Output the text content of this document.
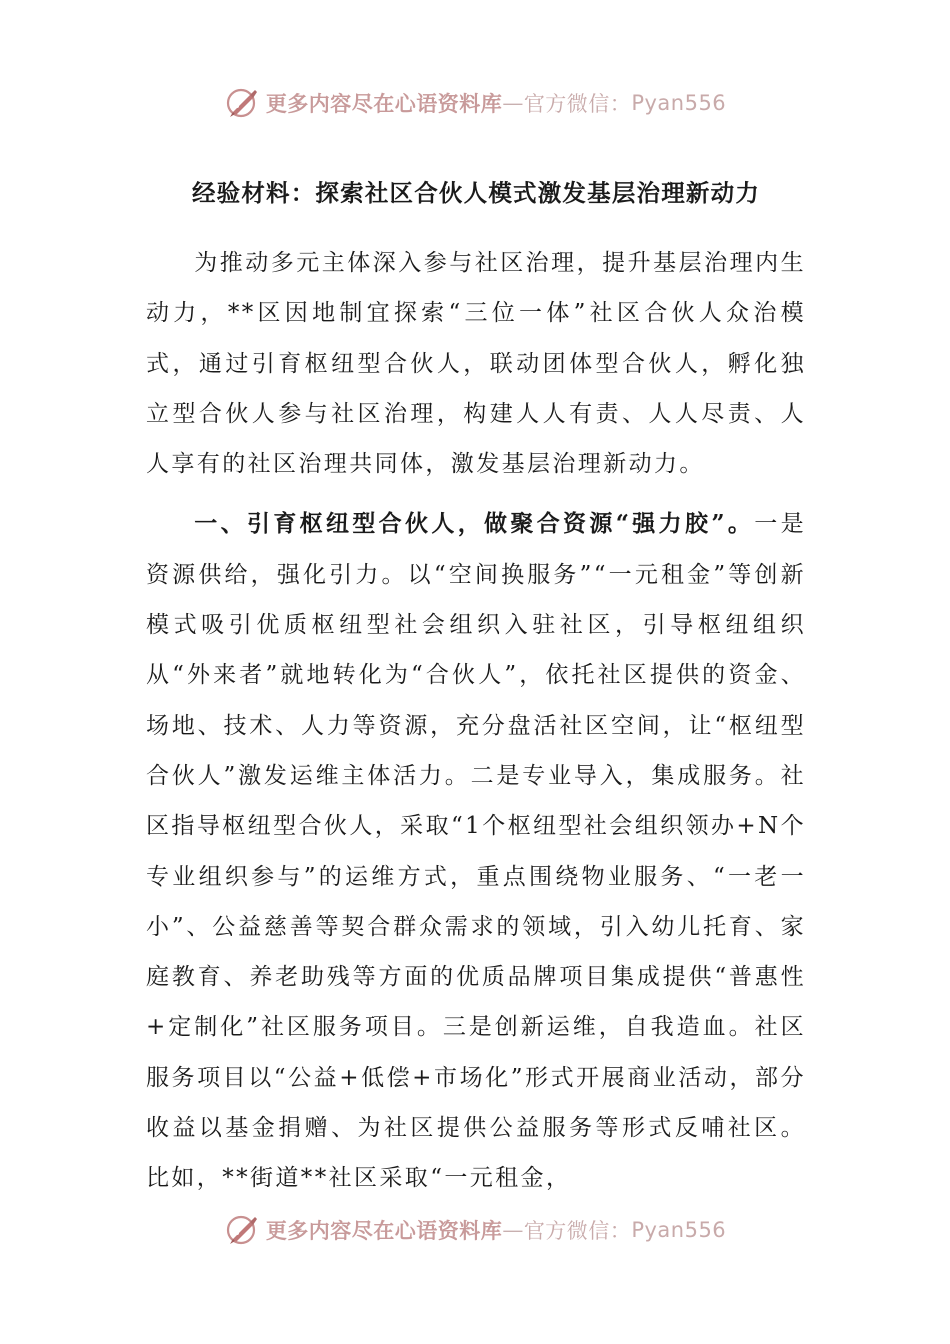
更多内容尽在心语资料库 — 官方微信： Pyan556
经验材料：探索社区合伙人模式激发基层治理新动力

为推动多元主体深入参与社区治理，提升基层治理内生动力，**区因地制宜探索“三位一体”社区合伙人众治模式，通过引育枢纽型合伙人，联动团体型合伙人，孵化独立型合伙人参与社区治理，构建人人有责、人人尽责、人人享有的社区治理共同体，激发基层治理新动力。

一、引育枢纽型合伙人，做聚合资源“强力胶”。一是资源供给，强化引力。以“空间换服务”“一元租金”等创新模式吸引优质枢纽型社会组织入驻社区，引导枢纽组织从“外来者”就地转化为“合伙人”，依托社区提供的资金、场地、技术、人力等资源，充分盘活社区空间，让“枢纽型合伙人”激发运维主体活力。二是专业导入，集成服务。社区指导枢纽型合伙人，采取“1个枢纽型社会组织领办+N个专业组织参与”的运维方式，重点围绕物业服务、“一老一小”、公益慈善等契合群众需求的领域，引入幼儿托育、家庭教育、养老助残等方面的优质品牌项目集成提供“普惠性+定制化”社区服务项目。三是创新运维，自我造血。社区服务项目以“公益+低偿+市场化”形式开展商业活动，部分收益以基金捐赠、为社区提供公益服务等形式反哺社区。比如，**街道**社区采取“一元租金，

更多内容尽在心语资料库 — 官方微信： Pyan556
